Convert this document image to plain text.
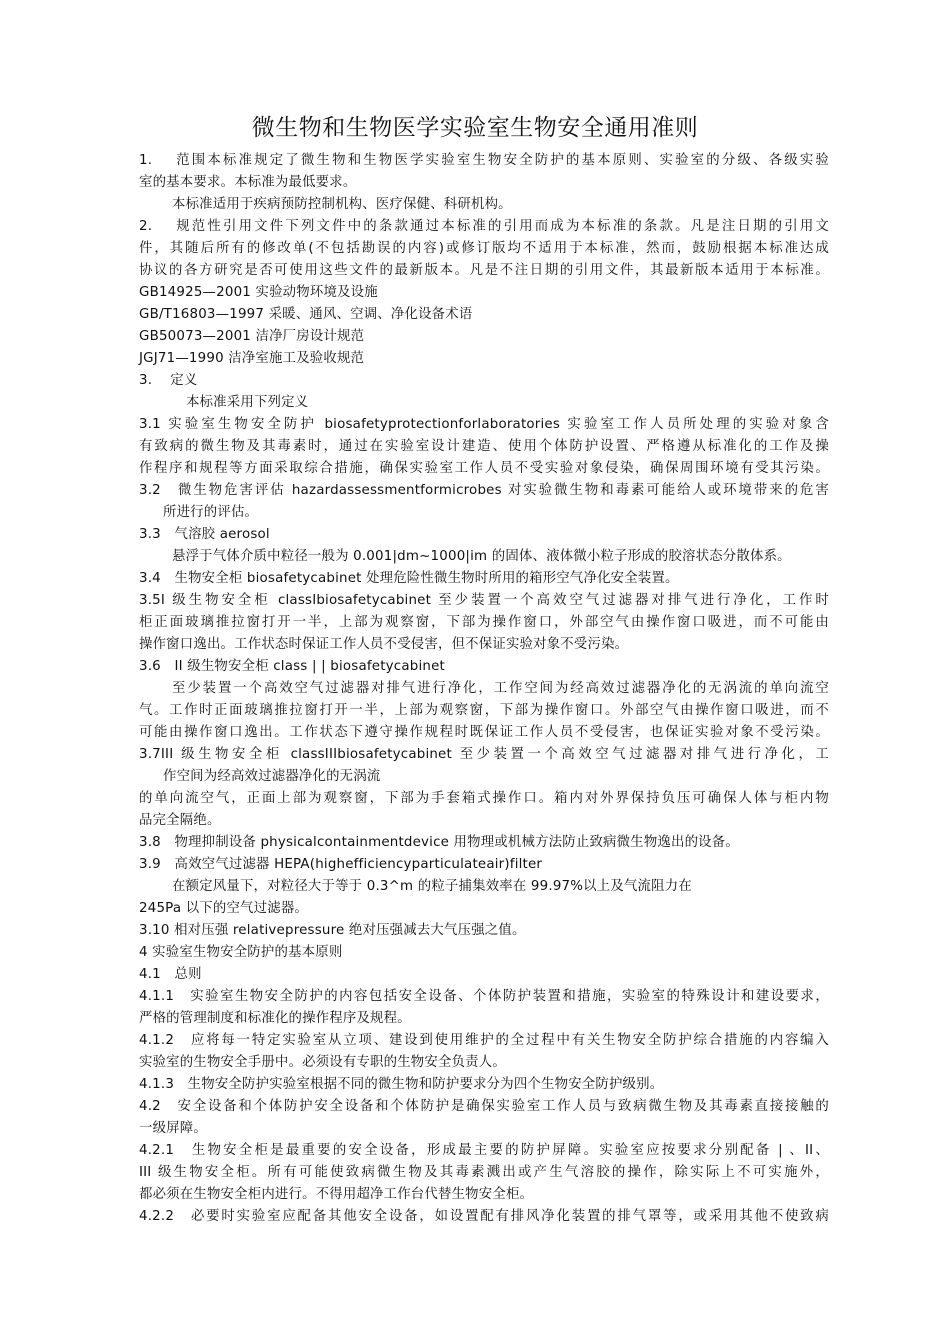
微生物和生物医学实验室生物安全通用准则
1.　 范围本标准规定了微生物和生物医学实验室生物安全防护的基本原则、实验室的分级、各级实验
室的基本要求。本标准为最低要求。
本标准适用于疾病预防控制机构、医疗保健、科研机构。
2.　 规范性引用文件下列文件中的条款通过本标准的引用而成为本标准的条款。凡是注日期的引用文
件，其随后所有的修改单(不包括勘误的内容)或修订版均不适用于本标准，然而，鼓励根据本标准达成
协议的各方研究是否可使用这些文件的最新版本。凡是不注日期的引用文件，其最新版本适用于本标准。
GB14925—2001 实验动物环境及设施
GB/T16803—1997 采暖、通风、空调、净化设备术语
GB50073—2001 洁净厂房设计规范
JGJ71—1990 洁净室施工及验收规范
3.　 定义
本标准采用下列定义
3.1 实验室生物安全防护 biosafetyprotectionforlaboratories 实验室工作人员所处理的实验对象含
有致病的微生物及其毒素时，通过在实验室设计建造、使用个体防护设置、严格遵从标准化的工作及操
作程序和规程等方面采取综合措施，确保实验室工作人员不受实验对象侵染，确保周围环境有受其污染。
3.2　微生物危害评估 hazardassessmentformicrobes 对实验微生物和毒素可能给人或环境带来的危害
所进行的评估。
3.3　气溶胶 aerosol
悬浮于气体介质中粒径一般为 0.001|dm~1000|im 的固体、液体微小粒子形成的胶溶状态分散体系。
3.4　生物安全柜 biosafetycabinet 处理危险性微生物时所用的箱形空气净化安全装置。
3.5I 级生物安全柜 classIbiosafetycabinet 至少装置一个高效空气过滤器对排气进行净化，工作时
柜正面玻璃推拉窗打开一半，上部为观察窗，下部为操作窗口，外部空气由操作窗口吸进，而不可能由
操作窗口逸出。工作状态时保证工作人员不受侵害，但不保证实验对象不受污染。
3.6　II 级生物安全柜 class | | biosafetycabinet
至少装置一个高效空气过滤器对排气进行净化，工作空间为经高效过滤器净化的无涡流的单向流空
气。工作时正面玻璃推拉窗打开一半，上部为观察窗，下部为操作窗口。外部空气由操作窗口吸进，而不
可能由操作窗口逸出。工作状态下遵守操作规程时既保证工作人员不受侵害，也保证实验对象不受污染。
3.7III 级生物安全柜 classIIIbiosafetycabinet 至少装置一个高效空气过滤器对排气进行净化，工
作空间为经高效过滤器净化的无涡流
的单向流空气，正面上部为观察窗，下部为手套箱式操作口。箱内对外界保持负压可确保人体与柜内物
品完全隔绝。
3.8　物理抑制设备 physicalcontainmentdevice 用物理或机械方法防止致病微生物逸出的设备。
3.9　高效空气过滤器 HEPA(highefficiencyparticulateair)filter
在额定风量下，对粒径大于等于 0.3^m 的粒子捕集效率在 99.97%以上及气流阻力在
245Pa 以下的空气过滤器。
3.10 相对压强 relativepressure 绝对压强减去大气压强之值。
4 实验室生物安全防护的基本原则
4.1　总则
4.1.1　实验室生物安全防护的内容包括安全设备、个体防护装置和措施，实验室的特殊设计和建设要求，
严格的管理制度和标准化的操作程序及规程。
4.1.2　应将每一特定实验室从立项、建设到使用维护的全过程中有关生物安全防护综合措施的内容编入
实验室的生物安全手册中。必须设有专职的生物安全负责人。
4.1.3　生物安全防护实验室根据不同的微生物和防护要求分为四个生物安全防护级别。
4.2　安全设备和个体防护安全设备和个体防护是确保实验室工作人员与致病微生物及其毒素直接接触的
一级屏障。
4.2.1　生物安全柜是最重要的安全设备，形成最主要的防护屏障。实验室应按要求分别配备 | 、II、
III 级生物安全柜。所有可能使致病微生物及其毒素溅出或产生气溶胶的操作，除实际上不可实施外，
都必须在生物安全柜内进行。不得用超净工作台代替生物安全柜。
4.2.2　必要时实验室应配备其他安全设备，如设置配有排风净化装置的排气罩等，或采用其他不使致病
